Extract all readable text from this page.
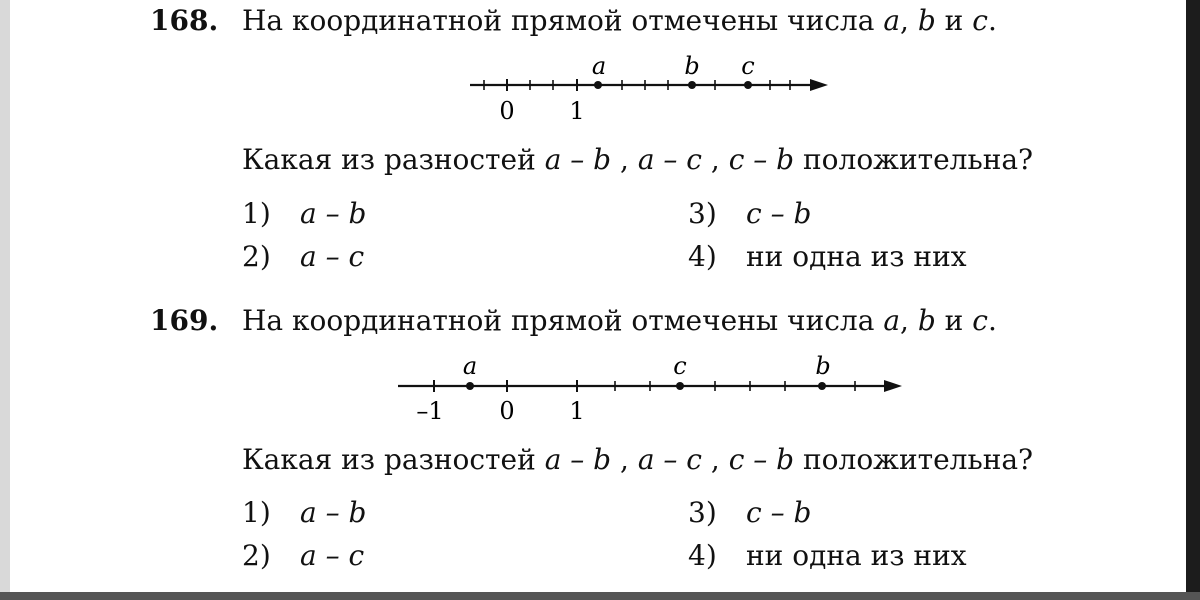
168. На координатной прямой отмечены числа a, b и c.
0 1
a	b c
Какая из разностей a – b , a – c , c – b положительна?
1) a – b
2) a – c
3) c – b
4) ни одна из них
169. На координатной прямой отмечены числа a, b и c.
–1 0 1
a	c	b
Какая из разностей a – b , a – c , c – b положительна?
1) a – b
2) a – c
3) c – b
4) ни одна из них
